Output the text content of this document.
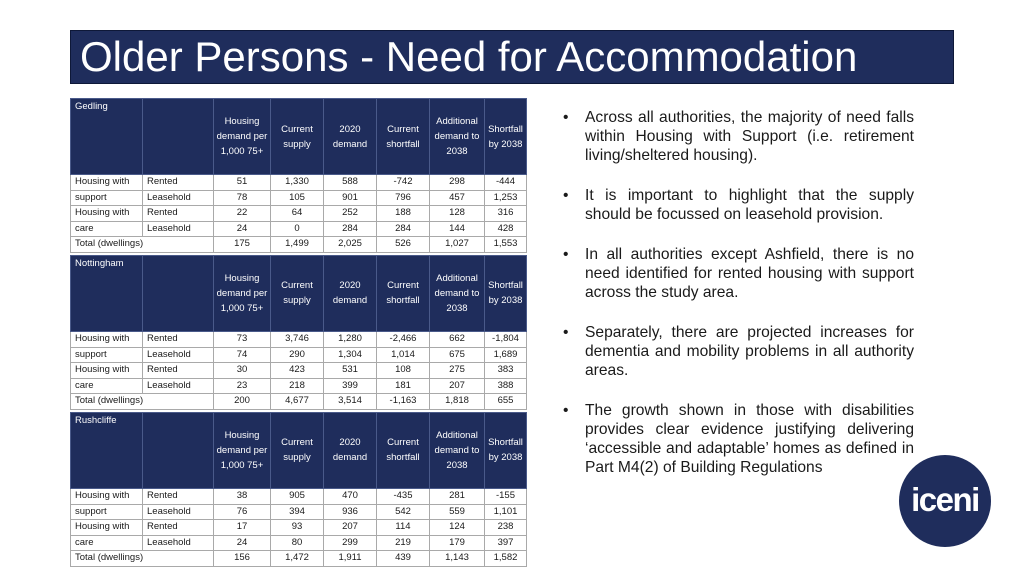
Older Persons - Need for Accommodation
Gedling		Housing demand per 1,000 75+	Current supply	2020 demand	Current shortfall	Additional demand to 2038	Shortfall by 2038
Housing with	Rented	51	1,330	588	-742	298	-444
support	Leasehold	78	105	901	796	457	1,253
Housing with	Rented	22	64	252	188	128	316
care	Leasehold	24	0	284	284	144	428
Total (dwellings)		175	1,499	2,025	526	1,027	1,553
Nottingham		Housing demand per 1,000 75+	Current supply	2020 demand	Current shortfall	Additional demand to 2038	Shortfall by 2038
Housing with	Rented	73	3,746	1,280	-2,466	662	-1,804
support	Leasehold	74	290	1,304	1,014	675	1,689
Housing with	Rented	30	423	531	108	275	383
care	Leasehold	23	218	399	181	207	388
Total (dwellings)		200	4,677	3,514	-1,163	1,818	655
Rushcliffe		Housing demand per 1,000 75+	Current supply	2020 demand	Current shortfall	Additional demand to 2038	Shortfall by 2038
Housing with	Rented	38	905	470	-435	281	-155
support	Leasehold	76	394	936	542	559	1,101
Housing with	Rented	17	93	207	114	124	238
care	Leasehold	24	80	299	219	179	397
Total (dwellings)		156	1,472	1,911	439	1,143	1,582
• Across all authorities, the majority of need falls within Housing with Support (i.e. retirement living/sheltered housing).
• It is important to highlight that the supply should be focussed on leasehold provision.
• In all authorities except Ashfield, there is no need identified for rented housing with support across the study area.
• Separately, there are projected increases for dementia and mobility problems in all authority areas.
• The growth shown in those with disabilities provides clear evidence justifying delivering ‘accessible and adaptable’ homes as defined in Part M4(2) of Building Regulations
iceni
